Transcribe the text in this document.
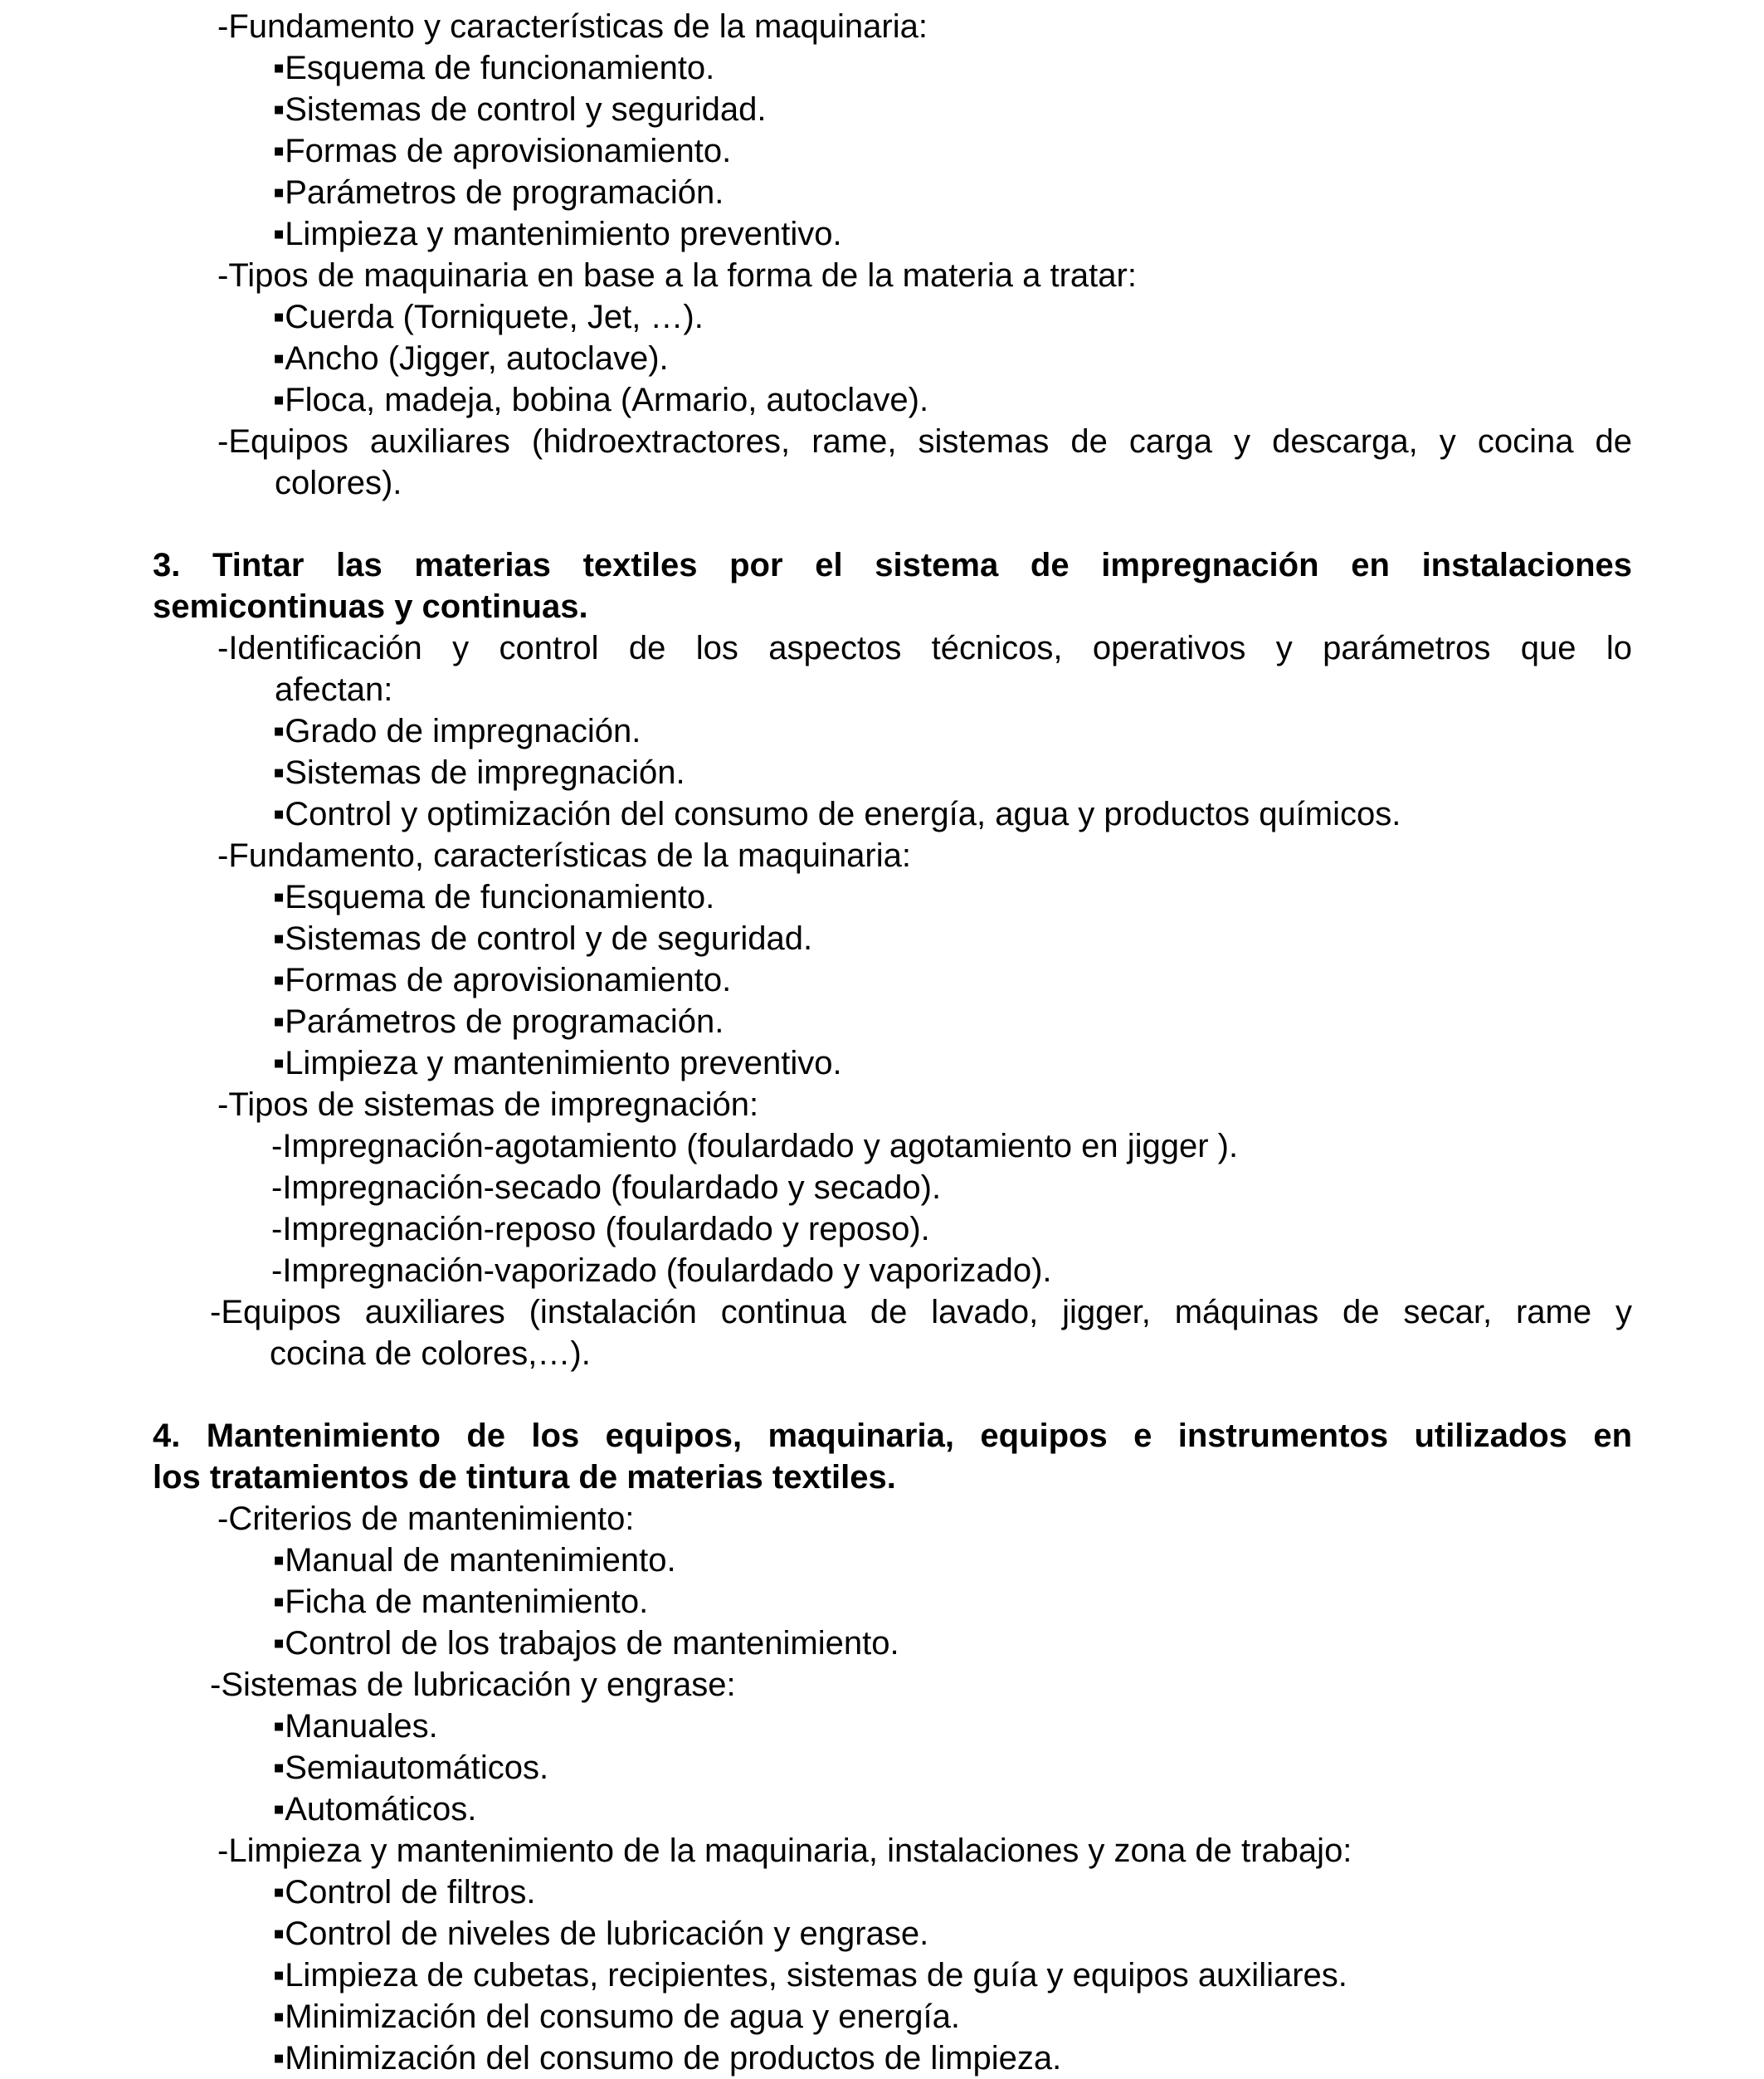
-Fundamento y características de la maquinaria:
▪ Esquema de funcionamiento.
▪ Sistemas de control y seguridad.
▪ Formas de aprovisionamiento.
▪ Parámetros de programación.
▪ Limpieza y mantenimiento preventivo.
-Tipos de maquinaria en base a la forma de la materia a tratar:
▪ Cuerda (Torniquete, Jet, …).
▪ Ancho (Jigger, autoclave).
▪ Floca, madeja, bobina (Armario, autoclave).
-Equipos auxiliares (hidroextractores, rame, sistemas de carga y descarga, y cocina de
colores).
3. Tintar las materias textiles por el sistema de impregnación en instalaciones
semicontinuas y continuas.
-Identificación y control de los aspectos técnicos, operativos y parámetros que lo
afectan:
▪ Grado de impregnación.
▪ Sistemas de impregnación.
▪ Control y optimización del consumo de energía, agua y productos químicos.
-Fundamento, características de la maquinaria:
▪ Esquema de funcionamiento.
▪ Sistemas de control y de seguridad.
▪ Formas de aprovisionamiento.
▪ Parámetros de programación.
▪ Limpieza y mantenimiento preventivo.
-Tipos de sistemas de impregnación:
-Impregnación-agotamiento (foulardado y agotamiento en jigger ).
-Impregnación-secado (foulardado y secado).
-Impregnación-reposo (foulardado y reposo).
-Impregnación-vaporizado (foulardado y vaporizado).
-Equipos auxiliares (instalación continua de lavado, jigger, máquinas de secar, rame y
cocina de colores,…).
4. Mantenimiento de los equipos, maquinaria, equipos e instrumentos utilizados en
los tratamientos de tintura de materias textiles.
-Criterios de mantenimiento:
▪ Manual de mantenimiento.
▪ Ficha de mantenimiento.
▪ Control de los trabajos de mantenimiento.
-Sistemas de lubricación y engrase:
▪ Manuales.
▪ Semiautomáticos.
▪ Automáticos.
-Limpieza y mantenimiento de la maquinaria, instalaciones y zona de trabajo:
▪ Control de filtros.
▪ Control de niveles de lubricación y engrase.
▪ Limpieza de cubetas, recipientes, sistemas de guía y equipos auxiliares.
▪ Minimización del consumo de agua y energía.
▪ Minimización del consumo de productos de limpieza.
